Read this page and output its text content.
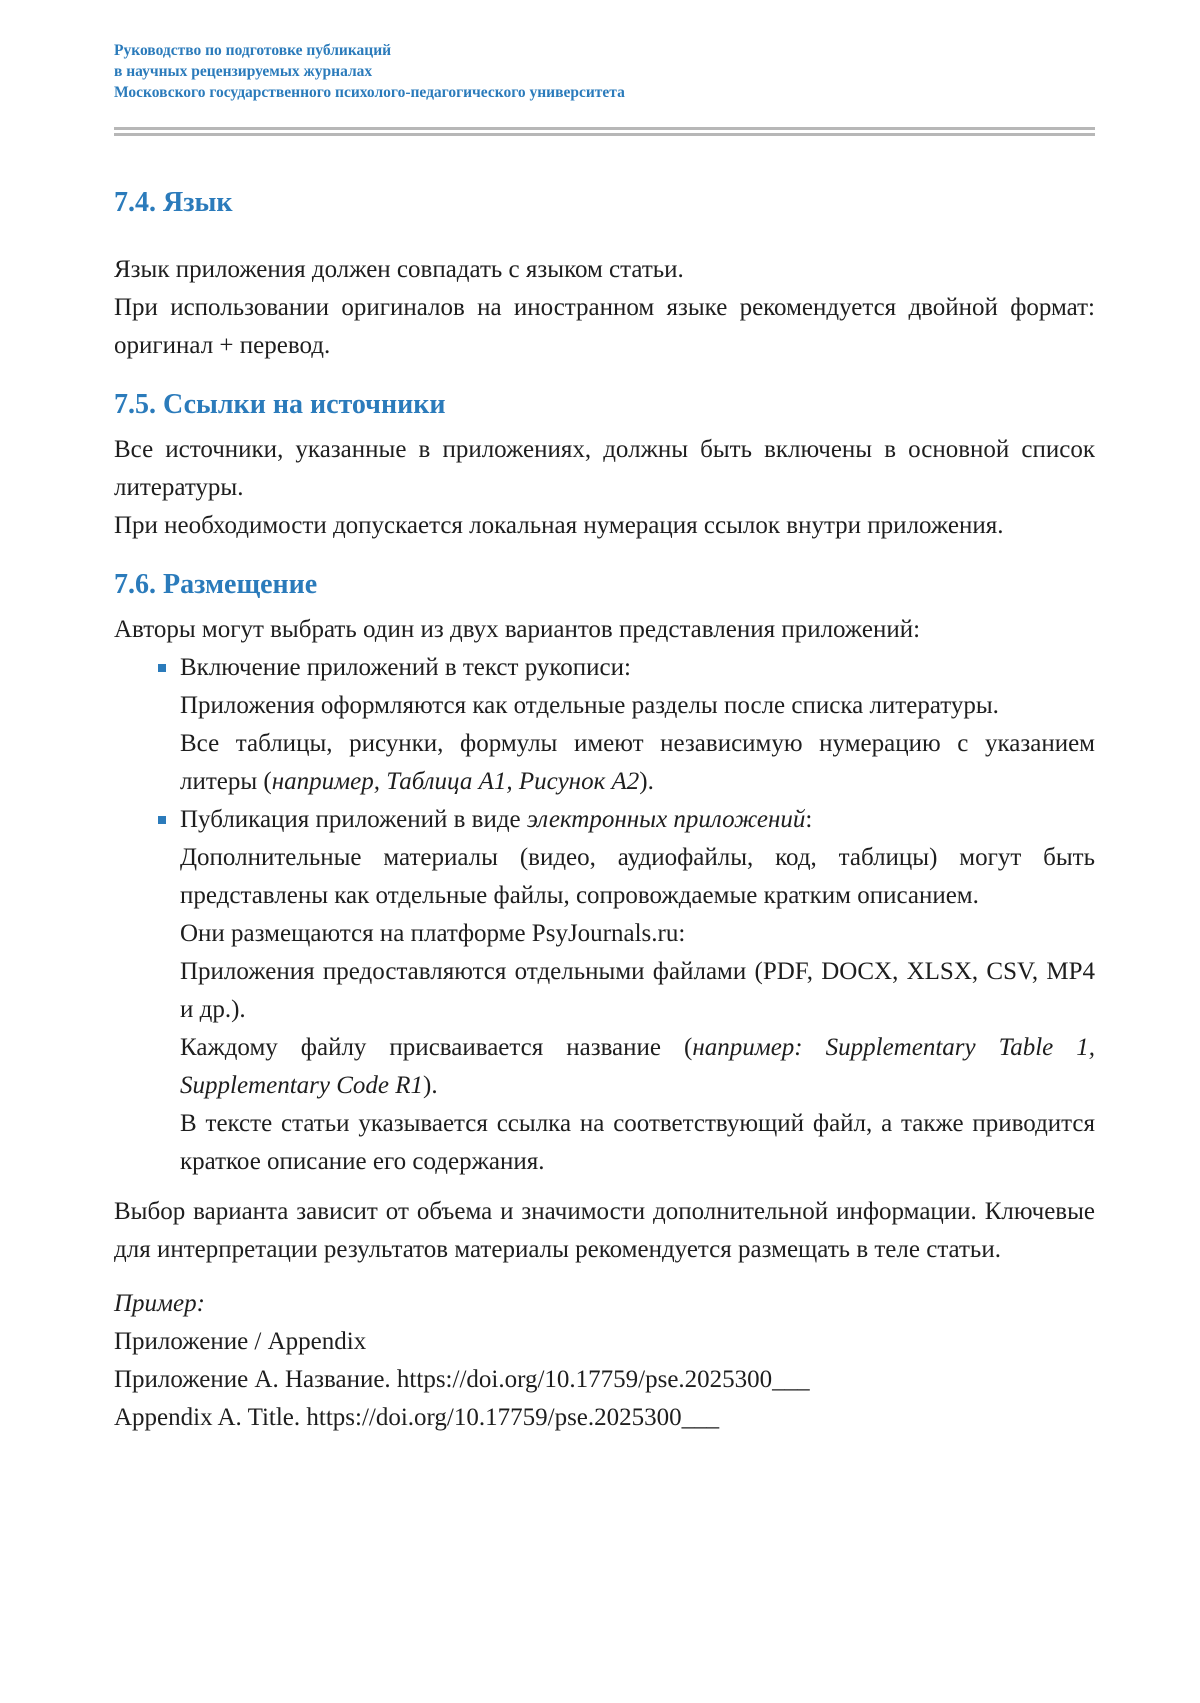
Руководство по подготовке публикаций
в научных рецензируемых журналах
Московского государственного психолого-педагогического университета
7.4. Язык

Язык приложения должен совпадать с языком статьи.

При использовании оригиналов на иностранном языке рекомендуется двойной формат: оригинал + перевод.

7.5. Ссылки на источники

Все источники, указанные в приложениях, должны быть включены в основной список литературы.

При необходимости допускается локальная нумерация ссылок внутри приложения.

7.6. Размещение

Авторы могут выбрать один из двух вариантов представления приложений:

Включение приложений в текст рукописи:
Приложения оформляются как отдельные разделы после списка литературы.
Все таблицы, рисунки, формулы имеют независимую нумерацию с указанием литеры (например, Таблица А1, Рисунок А2).
Публикация приложений в виде электронных приложений:
Дополнительные материалы (видео, аудиофайлы, код, таблицы) могут быть представлены как отдельные файлы, сопровождаемые кратким описанием.
Они размещаются на платформе PsyJournals.ru:
Приложения предоставляются отдельными файлами (PDF, DOCX, XLSX, CSV, MP4 и др.).
Каждому файлу присваивается название (например: Supplementary Table 1, Supplementary Code R1).
В тексте статьи указывается ссылка на соответствующий файл, а также приводится краткое описание его содержания.

Выбор варианта зависит от объема и значимости дополнительной информации. Ключевые для интерпретации результатов материалы рекомендуется размещать в теле статьи.

Пример:
Приложение / Appendix
Приложение А. Название. https://doi.org/10.17759/pse.2025300___
Appendix A. Title. https://doi.org/10.17759/pse.2025300___
